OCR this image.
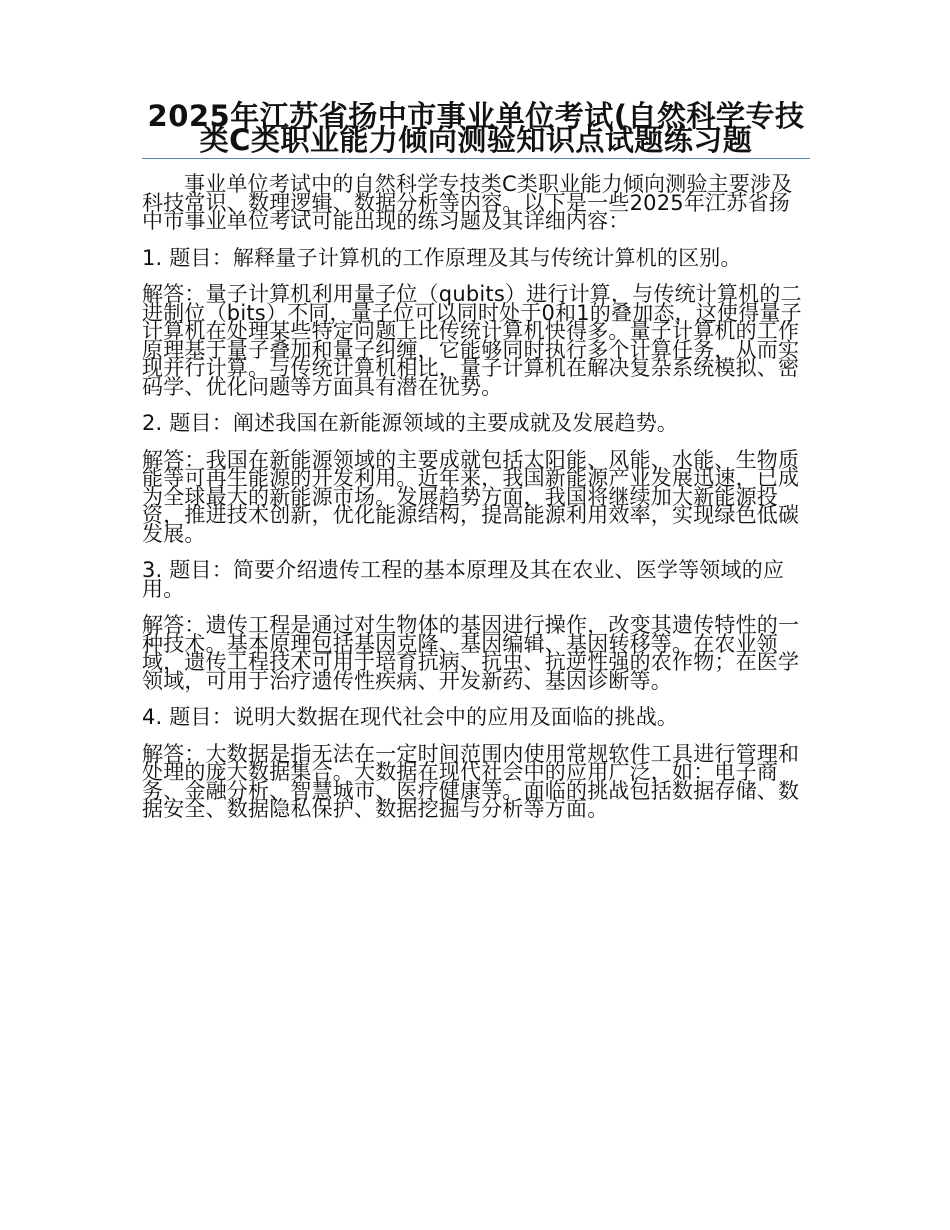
2025年江苏省扬中市事业单位考试(自然科学专技类C类职业能力倾向测验知识点试题练习题

事业单位考试中的自然科学专技类C类职业能力倾向测验主要涉及科技常识、数理逻辑、数据分析等内容。以下是一些2025年江苏省扬中市事业单位考试可能出现的练习题及其详细内容：

1. 题目：解释量子计算机的工作原理及其与传统计算机的区别。

解答：量子计算机利用量子位（qubits）进行计算，与传统计算机的二进制位（bits）不同，量子位可以同时处于0和1的叠加态，这使得量子计算机在处理某些特定问题上比传统计算机快得多。量子计算机的工作原理基于量子叠加和量子纠缠，它能够同时执行多个计算任务，从而实现并行计算。与传统计算机相比，量子计算机在解决复杂系统模拟、密码学、优化问题等方面具有潜在优势。

2. 题目：阐述我国在新能源领域的主要成就及发展趋势。

解答：我国在新能源领域的主要成就包括太阳能、风能、水能、生物质能等可再生能源的开发利用。近年来，我国新能源产业发展迅速，已成为全球最大的新能源市场。发展趋势方面，我国将继续加大新能源投资，推进技术创新，优化能源结构，提高能源利用效率，实现绿色低碳发展。

3. 题目：简要介绍遗传工程的基本原理及其在农业、医学等领域的应用。

解答：遗传工程是通过对生物体的基因进行操作，改变其遗传特性的一种技术。基本原理包括基因克隆、基因编辑、基因转移等。在农业领域，遗传工程技术可用于培育抗病、抗虫、抗逆性强的农作物；在医学领域，可用于治疗遗传性疾病、开发新药、基因诊断等。

4. 题目：说明大数据在现代社会中的应用及面临的挑战。

解答：大数据是指无法在一定时间范围内使用常规软件工具进行管理和处理的庞大数据集合。大数据在现代社会中的应用广泛，如：电子商务、金融分析、智慧城市、医疗健康等。面临的挑战包括数据存储、数据安全、数据隐私保护、数据挖掘与分析等方面。
